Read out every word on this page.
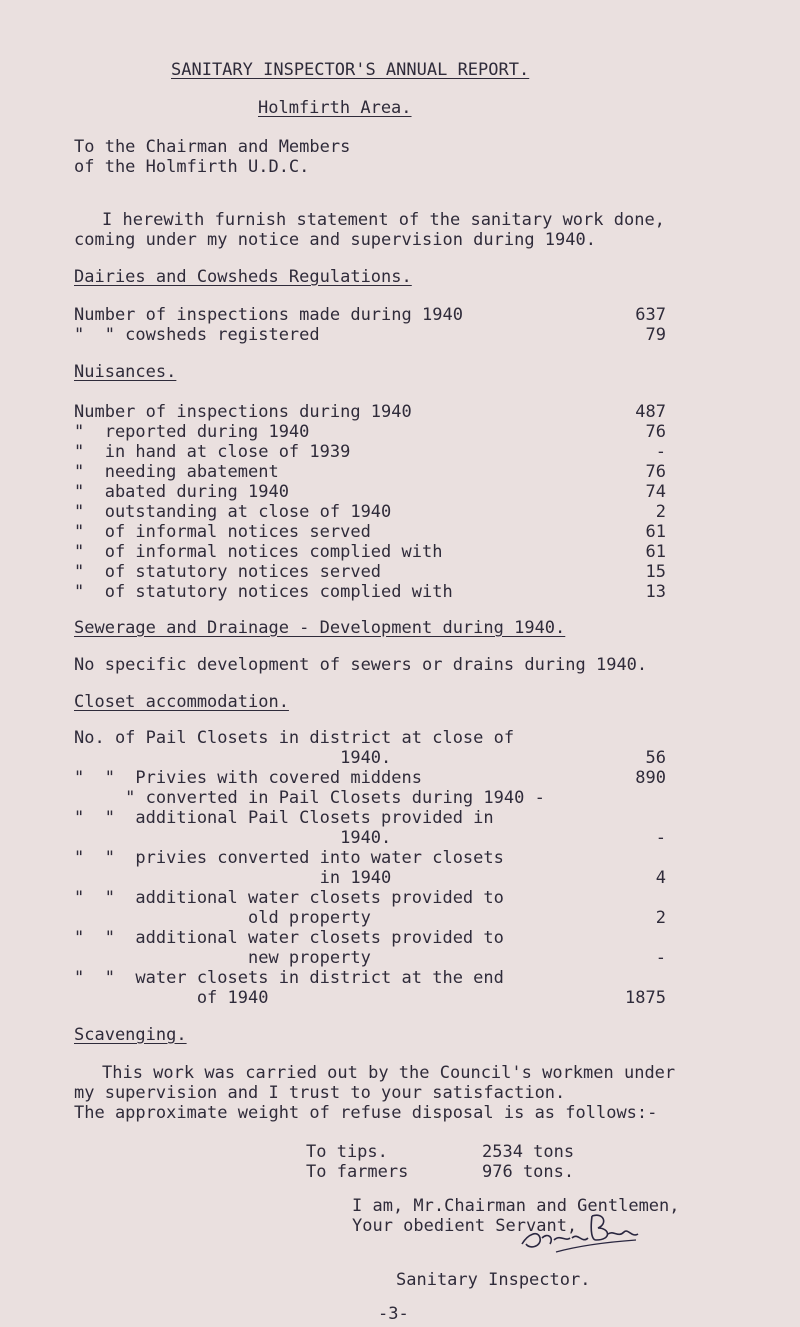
SANITARY INSPECTOR'S ANNUAL REPORT.
Holmfirth Area.
To the Chairman and Members
of the Holmfirth U.D.C.
I herewith furnish statement of the sanitary work done,
coming under my notice and supervision during 1940.
Dairies and Cowsheds Regulations.
Number of inspections made during 1940	637
"  " cowsheds registered	79
Nuisances.
Number of inspections during 1940	487
"  reported during 1940	76
"  in hand at close of 1939	-
"  needing abatement	76
"  abated during 1940	74
"  outstanding at close of 1940	2
"  of informal notices served	61
"  of informal notices complied with	61
"  of statutory notices served	15
"  of statutory notices complied with	13
Sewerage and Drainage - Development during 1940.
No specific development of sewers or drains during 1940.
Closet accommodation.
No. of Pail Closets in district at close of
1940.	56
"  "  Privies with covered middens	890
" converted in Pail Closets during 1940 -
"  "  additional Pail Closets provided in
1940.	-
"  "  privies converted into water closets
in 1940	4
"  "  additional water closets provided to
old property	2
"  "  additional water closets provided to
new property	-
"  "  water closets in district at the end
of 1940	1875
Scavenging.
This work was carried out by the Council's workmen under
my supervision and I trust to your satisfaction.
The approximate weight of refuse disposal is as follows:-
To tips.	2534 tons
To farmers	976 tons.
I am, Mr.Chairman and Gentlemen,
Your obedient Servant,
Sanitary Inspector.
-3-
